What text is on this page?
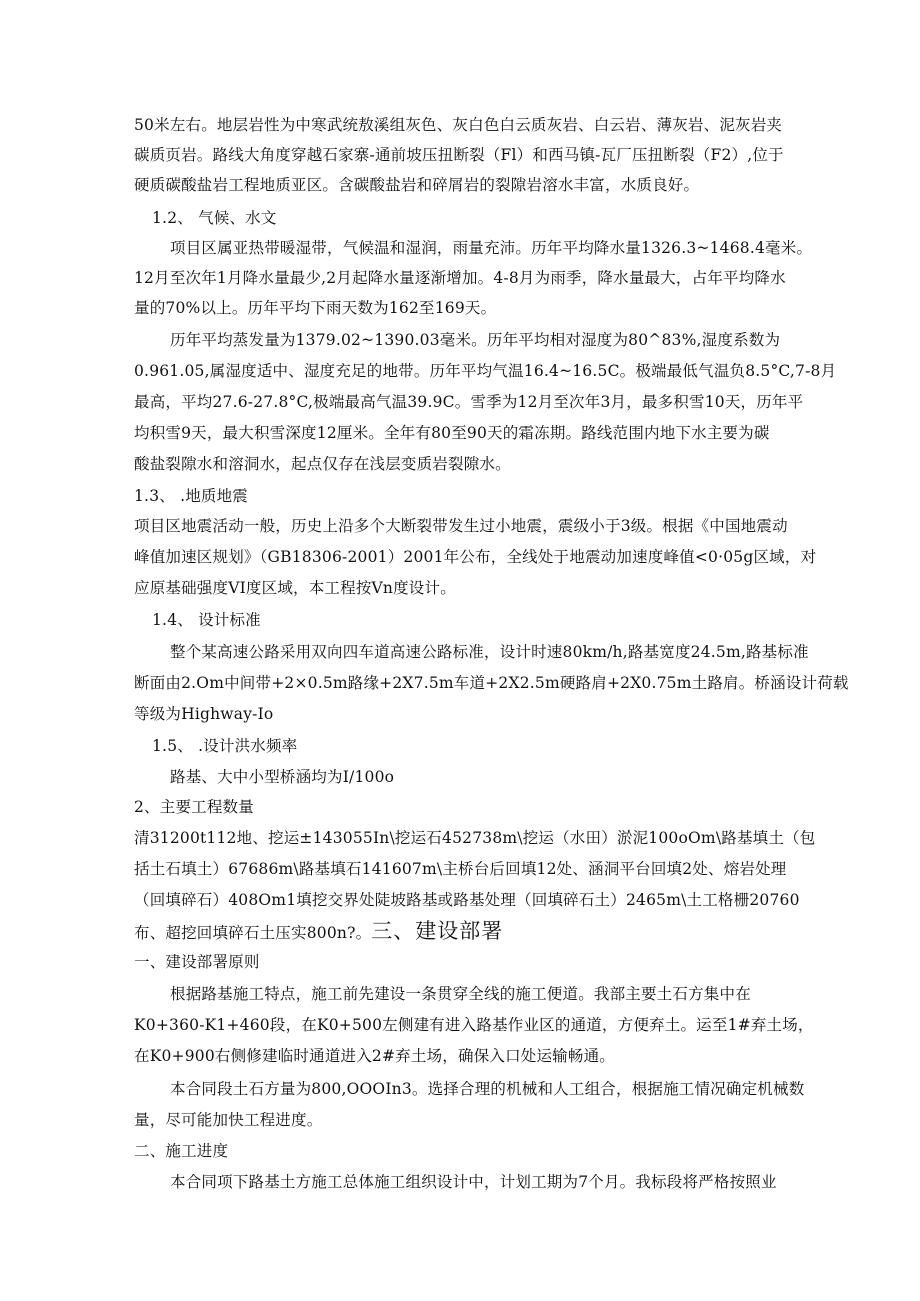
50米左右。地层岩性为中寒武统敖溪组灰色、灰白色白云质灰岩、白云岩、薄灰岩、泥灰岩夹
碳质页岩。路线大角度穿越石家寨-通前坡压扭断裂（Fl）和西马镇-瓦厂压扭断裂（F2）,位于
硬质碳酸盐岩工程地质亚区。含碳酸盐岩和碎屑岩的裂隙岩溶水丰富，水质良好。
1.2、 气候、水文
项目区属亚热带暖湿带，气候温和湿润，雨量充沛。历年平均降水量1326.3~1468.4毫米。
12月至次年1月降水量最少,2月起降水量逐渐增加。4-8月为雨季，降水量最大，占年平均降水
量的70%以上。历年平均下雨天数为162至169天。
历年平均蒸发量为1379.02~1390.03毫米。历年平均相对湿度为80^83%,湿度系数为
0.961.05,属湿度适中、湿度充足的地带。历年平均气温16.4~16.5C。极端最低气温负8.5°C,7-8月
最高，平均27.6-27.8°C,极端最高气温39.9C。雪季为12月至次年3月，最多积雪10天，历年平
均积雪9天，最大积雪深度12厘米。全年有80至90天的霜冻期。路线范围内地下水主要为碳
酸盐裂隙水和溶洞水，起点仅存在浅层变质岩裂隙水。
1.3、 .地质地震
项目区地震活动一般，历史上沿多个大断裂带发生过小地震，震级小于3级。根据《中国地震动
峰值加速区规划》（GB18306-2001）2001年公布，全线处于地震动加速度峰值<0·05g区域，对
应原基础强度VI度区域，本工程按Vn度设计。
1.4、 设计标准
整个某高速公路采用双向四车道高速公路标准，设计时速80km/h,路基宽度24.5m,路基标准
断面由2.Om中间带+2×0.5m路缘+2X7.5m车道+2X2.5m硬路肩+2X0.75m土路肩。桥涵设计荷载
等级为Highway-Io
1.5、 .设计洪水频率
路基、大中小型桥涵均为I/100o
2、主要工程数量
清31200t112地、挖运±143055In\挖运石452738m\挖运（水田）淤泥100oOm\路基填土（包
括土石填土）67686m\路基填石141607m\主桥台后回填12处、涵洞平台回填2处、熔岩处理
（回填碎石）408Om1填挖交界处陡坡路基或路基处理（回填碎石土）2465m\土工格栅20760
布、超挖回填碎石土压实800n?。三、建设部署
一、建设部署原则
根据路基施工特点，施工前先建设一条贯穿全线的施工便道。我部主要土石方集中在
K0+360-K1+460段，在K0+500左侧建有进入路基作业区的通道，方便弃土。运至1#弃土场，
在K0+900右侧修建临时通道进入2#弃土场，确保入口处运输畅通。
本合同段土石方量为800,OOOIn3。选择合理的机械和人工组合，根据施工情况确定机械数
量，尽可能加快工程进度。
二、施工进度
本合同项下路基土方施工总体施工组织设计中，计划工期为7个月。我标段将严格按照业
